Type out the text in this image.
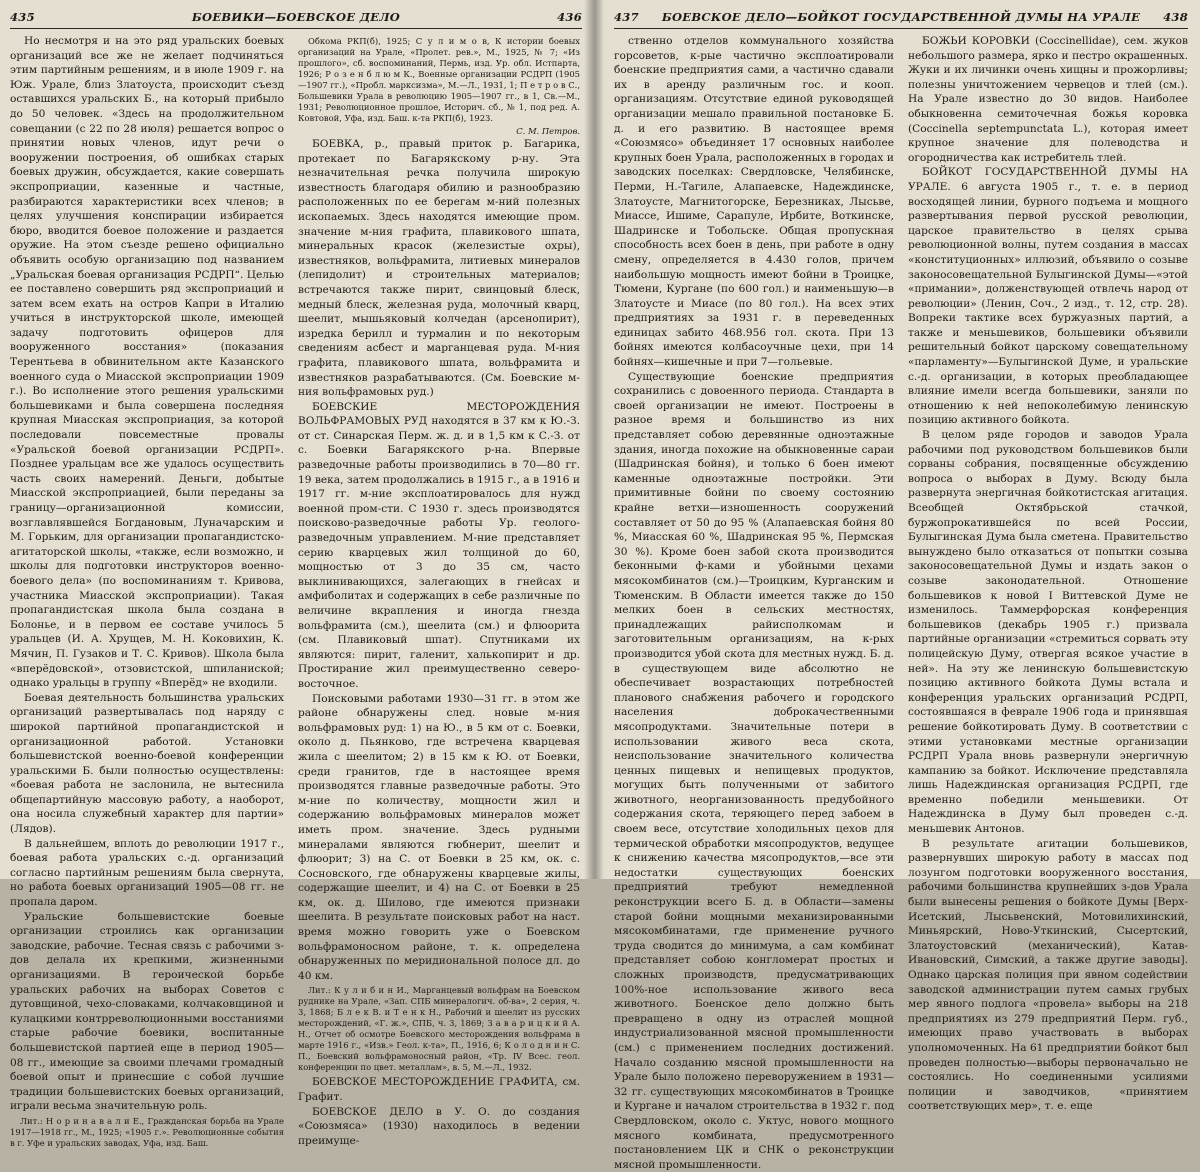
435	БОЕВИКИ—БОЕВСКОЕ ДЕЛО	436

Но несмотря и на это ряд уральских боевых организаций все же не желает подчиняться этим партийным решениям, и в июле 1909 г. на Юж. Урале, близ Златоуста, происходит съезд оставшихся уральских Б., на который прибыло до 50 человек. «Здесь на продолжительном совещании (с 22 по 28 июля) решается вопрос о принятии новых членов, идут речи о вооружении построения, об ошибках старых боевых дружин, обсуждается, какие совершать экспроприации, казенные и частные, разбираются характеристики всех членов; в целях улучшения конспирации избирается бюро, вводится боевое положение и раздается оружие. На этом съезде решено официально объявить особую организацию под названием „Уральская боевая организация РСДРП“. Целью ее поставлено совершить ряд экспроприаций и затем всем ехать на остров Капри в Италию учиться в инструкторской школе, имеющей задачу подготовить офицеров для вооруженного восстания» (показания Терентьева в обвинительном акте Казанского военного суда о Миасской экспроприации 1909 г.). Во исполнение этого решения уральскими большевиками и была совершена последняя крупная Миасская экспроприация, за которой последовали повсеместные провалы «Уральской боевой организации РСДРП». Позднее уральцам все же удалось осуществить часть своих намерений. Деньги, добытые Миасской экспроприацией, были переданы за границу—организационной комиссии, возглавлявшейся Богдановым, Луначарским и М. Горьким, для организации пропагандистско-агитаторской школы, «также, если возможно, и школы для подготовки инструкторов военно-боевого дела» (по воспоминаниям т. Кривова, участника Миасской экспроприации). Такая пропагандистская школа была создана в Болонье, и в первом ее составе училось 5 уральцев (И. А. Хрущев, М. Н. Коковихин, К. Мячин, П. Гузаков и Т. С. Кривов). Школа была «вперёдовской», отзовистской, шпиланиской; однако уральцы в группу «Вперёд» не входили.

Боевая деятельность большинства уральских организаций развертывалась под наряду с широкой партийной пропагандистской и организационной работой. Установки большевистской военно-боевой конференции уральскими Б. были полностью осуществлены: «боевая работа не заслонила, не вытеснила общепартийную массовую работу, а наоборот, она носила служебный характер для партии» (Лядов).

В дальнейшем, вплоть до революции 1917 г., боевая работа уральских с.-д. организаций согласно партийным решениям была свернута, но работа боевых организаций 1905—08 гг. не пропала даром.

Уральские большевистские боевые организации строились как организации заводские, рабочие. Тесная связь с рабочими з-дов делала их крепкими, жизненными организациями. В героической борьбе уральских рабочих на выборах Советов с дутовщиной, чехо-словаками, колчаковщиной и кулацкими контрреволюционными восстаниями старые рабочие боевики, воспитанные большевистской партией еще в период 1905—08 гг., имеющие за своими плечами громадный боевой опыт и принесшие с собой лучшие традиции большевистских боевых организаций, играли весьма значительную роль.

Лит.: Н о р и н а в а л и Е., Гражданская борьба на Урале 1917—1918 гг., М., 1925; «1905 г.». Революционные события в г. Уфе и уральских заводах, Уфа, изд. Баш.

Обкома РКП(б), 1925; С у л и м о в, К истории боевых организаций на Урале, «Пролет. рев.», М., 1925, № 7; «Из прошлого», сб. воспоминаний, Пермь, изд. Ур. обл. Истпарта, 1926; Р о з е н б л ю м К., Военные организации РСДРП (1905—1907 гг.), «Пробл. марксизма», М.—Л., 1931, 1; П е т р о в С., Большевики Урала в революцию 1905—1907 гг., в 1, Св.—М., 1931; Революционное прошлое, Историч. сб., № 1, под ред. А. Ковтовой, Уфа, изд. Баш. к-та РКП(б), 1923.

С. М. Петров.

БОЕВКА, р., правый приток р. Багарика, протекает по Багарякскому р-ну. Эта незначительная речка получила широкую известность благодаря обилию и разнообразию расположенных по ее берегам м-ний полезных ископаемых. Здесь находятся имеющие пром. значение м-ния графита, плавикового шпата, минеральных красок (железистые охры), известняков, вольфрамита, литиевых минералов (лепидолит) и строительных материалов; встречаются также пирит, свинцовый блеск, медный блеск, железная руда, молочный кварц, шеелит, мышьяковый колчедан (арсенопирит), изредка берилл и турмалин и по некоторым сведениям асбест и марганцевая руда. М-ния графита, плавикового шпата, вольфрамита и известняков разрабатываются. (См. Боевские м-ния вольфрамовых руд.)

БОЕВСКИЕ МЕСТОРОЖДЕНИЯ ВОЛЬФРАМОВЫХ РУД находятся в 37 км к Ю.-З. от ст. Синарская Перм. ж. д. и в 1,5 км к С.-З. от с. Боевки Багарякского р-на. Впервые разведочные работы производились в 70—80 гг. 19 века, затем продолжались в 1915 г., а в 1916 и 1917 гг. м-ние эксплоатировалось для нужд военной пром-сти. С 1930 г. здесь производятся поисково-разведочные работы Ур. геолого-разведочным управлением. М-ние представляет серию кварцевых жил толщиной до 60, мощностью от 3 до 35 см, часто выклинивающихся, залегающих в гнейсах и амфиболитах и содержащих в себе различные по величине вкрапления и иногда гнезда вольфрамита (см.), шеелита (см.) и флюорита (см. Плавиковый шпат). Спутниками их являются: пирит, галенит, халькопирит и др. Простирание жил преимущественно северо-восточное.

Поисковыми работами 1930—31 гг. в этом же районе обнаружены след. новые м-ния вольфрамовых руд: 1) на Ю., в 5 км от с. Боевки, около д. Пьянково, где встречена кварцевая жила с шеелитом; 2) в 15 км к Ю. от Боевки, среди гранитов, где в настоящее время производятся главные разведочные работы. Это м-ние по количеству, мощности жил и содержанию вольфрамовых минералов может иметь пром. значение. Здесь рудными минералами являются гюбнерит, шеелит и флюорит; 3) на С. от Боевки в 25 км, ок. с. Сосновского, где обнаружены кварцевые жилы, содержащие шеелит, и 4) на С. от Боевки в 25 км, ок. д. Шилово, где имеются признаки шеелита. В результате поисковых работ на наст. время можно говорить уже о Боевском вольфрамоносном районе, т. к. определена обнаруженных по меридиональной полосе дл. до 40 км.

Лит.: К у л и б и н И., Марганцевый вольфрам на Боевском руднике на Урале, «Зап. СПБ минералогич. об-ва», 2 серия, ч. 3, 1868; Б л е к В. и Т е н к Н., Рабочий и шеелит из русских месторождений, «Г. ж.», СПБ, ч. 3, 1869; З а в а р и ц к и й А. Н., Отчет об осмотре Боевского месторождения вольфрама в марте 1916 г., «Изв.» Геол. к-та», П., 1916, 6; К о л о д н и н С. П., Боевский вольфрамоносный район, «Тр. IV Всес. геол. конференции по цвет. металлам», в. 5, М.—Л., 1932.

БОЕВСКОЕ МЕСТОРОЖДЕНИЕ ГРАФИТА, см. Графит.

БОЕВСКОЕ ДЕЛО в У. О. до создания «Союзмяса» (1930) находилось в ведении преимуще-

437	БОЕВСКОЕ ДЕЛО—БОЙКОТ ГОСУДАРСТВЕННОЙ ДУМЫ НА УРАЛЕ	438

ственно отделов коммунального хозяйства горсоветов, к-рые частично эксплоатировали боенские предприятия сами, а частично сдавали их в аренду различным гос. и кооп. организациям. Отсутствие единой руководящей организации мешало правильной постановке Б. д. и его развитию. В настоящее время «Союзмясо» объединяет 17 основных наиболее крупных боен Урала, расположенных в городах и заводских поселках: Свердловске, Челябинске, Перми, Н.-Тагиле, Алапаевске, Надеждинске, Златоусте, Магнитогорске, Березниках, Лысьве, Миассе, Ишиме, Сарапуле, Ирбите, Воткинске, Шадринске и Тобольске. Общая пропускная способность всех боен в день, при работе в одну смену, определяется в 4.430 голов, причем наибольшую мощность имеют бойни в Троицке, Тюмени, Кургане (по 600 гол.) и наименьшую—в Златоусте и Миасе (по 80 гол.). На всех этих предприятиях за 1931 г. в переведенных единицах забито 468.956 гол. скота. При 13 бойнях имеются колбасоучные цехи, при 14 бойнях—кишечные и при 7—гольевые.

Существующие боенские предприятия сохранились с довоенного периода. Стандарта в своей организации не имеют. Построены в разное время и большинство из них представляет собою деревянные одноэтажные здания, иногда похожие на обыкновенные сараи (Шадринская бойня), и только 6 боен имеют каменные одноэтажные постройки. Эти примитивные бойни по своему состоянию крайне ветхи—изношенность сооружений составляет от 50 до 95 % (Алапаевская бойня 80 %, Миасская 60 %, Шадринская 95 %, Пермская 30 %). Кроме боен забой скота производится беконными ф-ками и убойными цехами мясокомбинатов (см.)—Троицким, Курганским и Тюменским. В Области имеется также до 150 мелких боен в сельских местностях, принадлежащих райисполкомам и заготовительным организациям, на к-рых производится убой скота для местных нужд. Б. д. в существующем виде абсолютно не обеспечивает возрастающих потребностей планового снабжения рабочего и городского населения доброкачественными мясопродуктами. Значительные потери в использовании живого веса скота, неиспользование значительного количества ценных пищевых и непищевых продуктов, могущих быть полученными от забитого животного, неорганизованность предубойного содержания скота, теряющего перед забоем в своем весе, отсутствие холодильных цехов для термической обработки мясопродуктов, ведущее к снижению качества мясопродуктов,—все эти недостатки существующих боенских предприятий требуют немедленной реконструкции всего Б. д. в Области—замены старой бойни мощными механизированными мясокомбинатами, где применение ручного труда сводится до минимума, а сам комбинат представляет собою конгломерат простых и сложных производств, предусматривающих 100%-ное использование живого веса животного. Боенское дело должно быть превращено в одну из отраслей мощной индустриализованной мясной промышленности (см.) с применением последних достижений. Начало созданию мясной промышленности на Урале было положено переворужением в 1931—32 гг. существующих мясокомбинатов в Троицке и Кургане и началом строительства в 1932 г. под Свердловском, около с. Уктус, нового мощного мясного комбината, предусмотренного постановлением ЦК и СНК о реконструкции мясной промышленности.

БОЖЬИ КОРОВКИ (Coccinellidae), сем. жуков небольшого размера, ярко и пестро окрашенных. Жуки и их личинки очень хищны и прожорливы; полезны уничтожением червецов и тлей (см.). На Урале известно до 30 видов. Наиболее обыкновенна семиточечная божья коровка (Coccinella septempunctata L.), которая имеет крупное значение для полеводства и огородничества как истребитель тлей.

БОЙКОТ ГОСУДАРСТВЕННОЙ ДУМЫ НА УРАЛЕ. 6 августа 1905 г., т. е. в период восходящей линии, бурного подъема и мощного развертывания первой русской революции, царское правительство в целях срыва революционной волны, путем создания в массах «конституционных» иллюзий, объявило о созыве законосовещательной Булыгинской Думы—«этой «примании», долженствующей отвлечь народ от революции» (Ленин, Соч., 2 изд., т. 12, стр. 28). Вопреки тактике всех буржуазных партий, а также и меньшевиков, большевики объявили решительный бойкот царскому совещательному «парламенту»—Булыгинской Думе, и уральские с.-д. организации, в которых преобладающее влияние имели всегда большевики, заняли по отношению к ней непоколебимую ленинскую позицию активного бойкота.

В целом ряде городов и заводов Урала рабочими под руководством большевиков были сорваны собрания, посвященные обсуждению вопроса о выборах в Думу. Всюду была развернута энергичная бойкотистская агитация. Всеобщей Октябрьской стачкой, буржопрокатившейся по всей России, Булыгинская Дума была сметена. Правительство вынуждено было отказаться от попытки созыва законосовещательной Думы и издать закон о созыве законодательной. Отношение большевиков к новой I Виттевской Думе не изменилось. Таммерфорская конференция большевиков (декабрь 1905 г.) призвала партийные организации «стремиться сорвать эту полицейскую Думу, отвергая всякое участие в ней». На эту же ленинскую большевистскую позицию активного бойкота Думы встала и конференция уральских организаций РСДРП, состоявшаяся в феврале 1906 года и принявшая решение бойкотировать Думу. В соответствии с этими установками местные организации РСДРП Урала вновь развернули энергичную кампанию за бойкот. Исключение представляла лишь Надеждинская организация РСДРП, где временно победили меньшевики. От Надеждинска в Думу был проведен с.-д. меньшевик Антонов.

В результате агитации большевиков, развернувших широкую работу в массах под лозунгом подготовки вооруженного восстания, рабочими большинства крупнейших з-дов Урала были вынесены решения о бойкоте Думы [Верх-Исетский, Лысьвенский, Мотовилихинский, Миньярский, Ново-Уткинский, Сысертский, Златоустовский (механический), Катав-Ивановский, Симский, а также другие заводы]. Однако царская полиция при явном содействии заводской администрации путем самых грубых мер явного подлога «провела» выборы на 218 предприятиях из 279 предприятий Перм. губ., имеющих право участвовать в выборах уполномоченных. На 61 предприятии бойкот был проведен полностью—выборы первоначально не состоялись. Но соединенными усилиями полиции и заводчиков, «принятием соответствующих мер», т. е. еще
